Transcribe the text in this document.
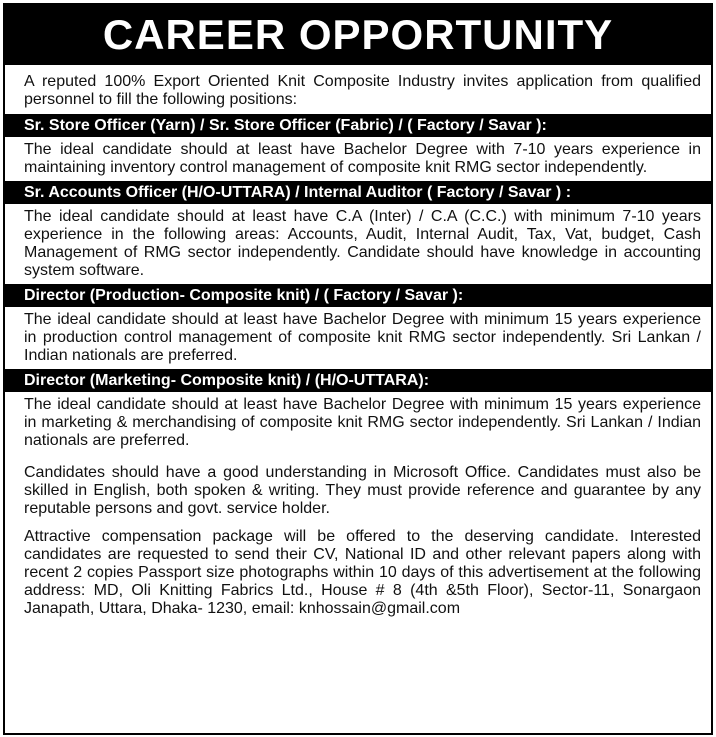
CAREER OPPORTUNITY
A reputed 100% Export Oriented Knit Composite Industry invites application from qualified personnel to fill the following positions:
Sr. Store Officer (Yarn) / Sr. Store Officer (Fabric) / ( Factory / Savar ):
The ideal candidate should at least have Bachelor Degree with 7-10 years experience in maintaining inventory control management of composite knit RMG sector independently.
Sr. Accounts Officer (H/O-UTTARA) / Internal Auditor ( Factory / Savar ) :
The ideal candidate should at least have C.A (Inter) / C.A (C.C.) with minimum 7-10 years experience in the following areas: Accounts, Audit, Internal Audit, Tax, Vat, budget, Cash Management of RMG sector independently. Candidate should have knowledge in accounting system software.
Director (Production- Composite knit) / ( Factory / Savar ):
The ideal candidate should at least have Bachelor Degree with minimum 15 years experience in production control management of composite knit RMG sector independently. Sri Lankan / Indian nationals are preferred.
Director (Marketing- Composite knit) / (H/O-UTTARA):
The ideal candidate should at least have Bachelor Degree with minimum 15 years experience in marketing & merchandising of composite knit RMG sector independently. Sri Lankan / Indian nationals are preferred.
Candidates should have a good understanding in Microsoft Office. Candidates must also be skilled in English, both spoken & writing. They must provide reference and guarantee by any reputable persons and govt. service holder.
Attractive compensation package will be offered to the deserving candidate. Interested candidates are requested to send their CV, National ID and other relevant papers along with recent 2 copies Passport size photographs within 10 days of this advertisement at the following address: MD, Oli Knitting Fabrics Ltd., House # 8 (4th &5th Floor), Sector-11, Sonargaon Janapath, Uttara, Dhaka- 1230, email: knhossain@gmail.com
